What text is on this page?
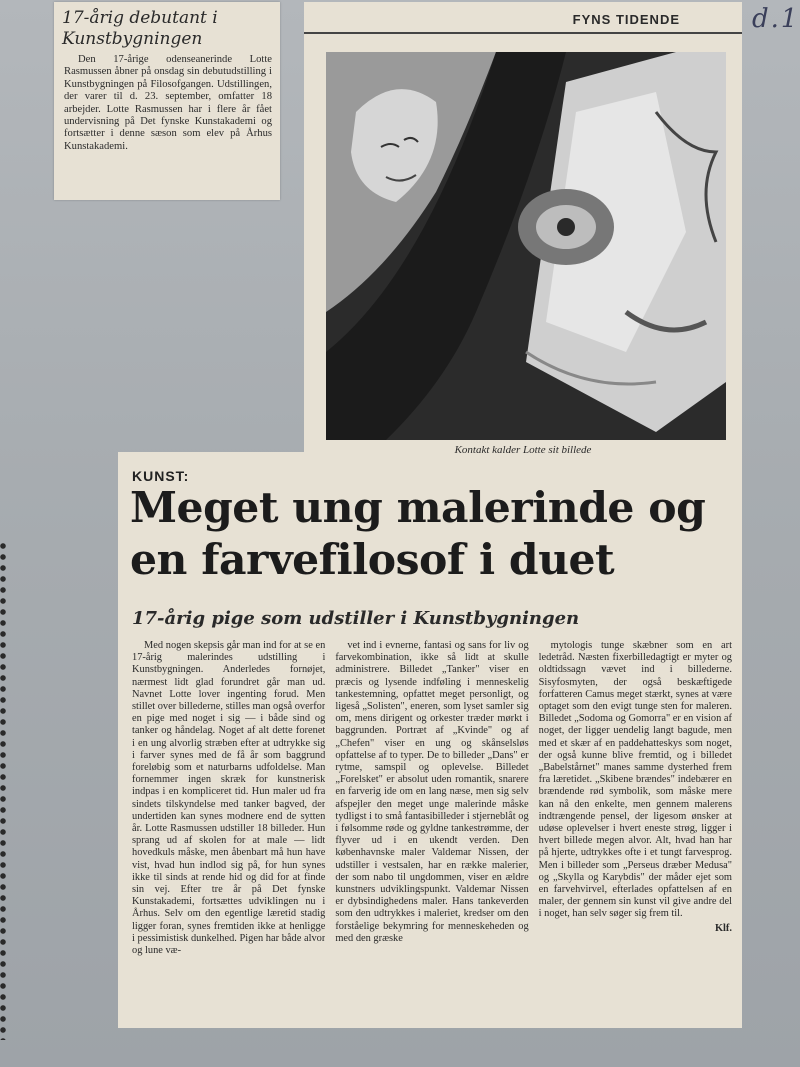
d.1
17-årig debutant i Kunstbygningen

Den 17-årige odenseanerinde Lotte Rasmussen åbner på onsdag sin debutudstilling i Kunstbygningen på Filosofgangen. Udstillingen, der varer til d. 23. september, omfatter 18 arbejder. Lotte Rasmussen har i flere år fået undervisning på Det fynske Kunstakademi og fortsætter i denne sæson som elev på Århus Kunstakademi.

FYNS TIDENDE
Kontakt kalder Lotte sit billede
KUNST:
Meget ung malerinde og en farvefilosof i duet
17-årig pige som udstiller i Kunstbygningen

Med nogen skepsis går man ind for at se en 17-årig malerindes udstilling i Kunstbygningen. Anderledes fornøjet, nærmest lidt glad forundret går man ud. Navnet Lotte lover ingenting forud. Men stillet over billederne, stilles man også overfor en pige med noget i sig — i både sind og tanker og håndelag. Noget af alt dette forenet i en ung alvorlig stræben efter at udtrykke sig i farver synes med de få år som baggrund foreløbig som et naturbarns udfoldelse. Man fornemmer ingen skræk for kunstnerisk indpas i en kompliceret tid. Hun maler ud fra sindets tilskyndelse med tanker bagved, der undertiden kan synes modnere end de sytten år. Lotte Rasmussen udstiller 18 billeder. Hun sprang ud af skolen for at male — lidt hovedkuls måske, men åbenbart må hun have vist, hvad hun indlod sig på, for hun synes ikke til sinds at rende hid og did for at finde sin vej. Efter tre år på Det fynske Kunstakademi, fortsættes udviklingen nu i Århus. Selv om den egentlige læretid stadig ligger foran, synes fremtiden ikke at henligge i pessimistisk dunkelhed. Pigen har både alvor og lune væ-

vet ind i evnerne, fantasi og sans for liv og farvekombination, ikke så lidt at skulle administrere. Billedet „Tanker" viser en præcis og lysende indføling i menneskelig tankestemning, opfattet meget personligt, og ligeså „Solisten", eneren, som lyset samler sig om, mens dirigent og orkester træder mørkt i baggrunden. Portræt af „Kvinde" og af „Chefen" viser en ung og skånselsløs opfattelse af to typer. De to billeder „Dans" er rytme, samspil og oplevelse. Billedet „Forelsket" er absolut uden romantik, snarere en farverig ide om en lang næse, men sig selv afspejler den meget unge malerinde måske tydligst i to små fantasibilleder i stjerneblåt og i følsomme røde og gyldne tankestrømme, der flyver ud i en ukendt verden. Den københavnske maler Valdemar Nissen, der udstiller i vestsalen, har en række malerier, der som nabo til ungdommen, viser en ældre kunstners udviklingspunkt. Valdemar Nissen er dybsindighedens maler. Hans tankeverden som den udtrykkes i maleriet, kredser om den forståelige bekymring for menneskeheden og med den græske

mytologis tunge skæbner som en art ledetråd. Næsten fixerbilledagtigt er myter og oldtidssagn vævet ind i billederne. Sisyfosmyten, der også beskæftigede forfatteren Camus meget stærkt, synes at være optaget som den evigt tunge sten for maleren. Billedet „Sodoma og Gomorra" er en vision af noget, der ligger uendelig langt bagude, men med et skær af en paddehatteskys som noget, der også kunne blive fremtid, og i billedet „Babelstårnet" manes samme dysterhed frem fra læretidet. „Skibene brændes" indebærer en brændende rød symbolik, som måske mere kan nå den enkelte, men gennem malerens indtrængende pensel, der ligesom ønsker at udøse oplevelser i hvert eneste strøg, ligger i hvert billede megen alvor. Alt, hvad han har på hjerte, udtrykkes ofte i et tungt farvesprog. Men i billeder som „Perseus dræber Medusa" og „Skylla og Karybdis" der måder ejet som en farvehvirvel, efterlades opfattelsen af en maler, der gennem sin kunst vil give andre del i noget, han selv søger sig frem til.

Klf.
